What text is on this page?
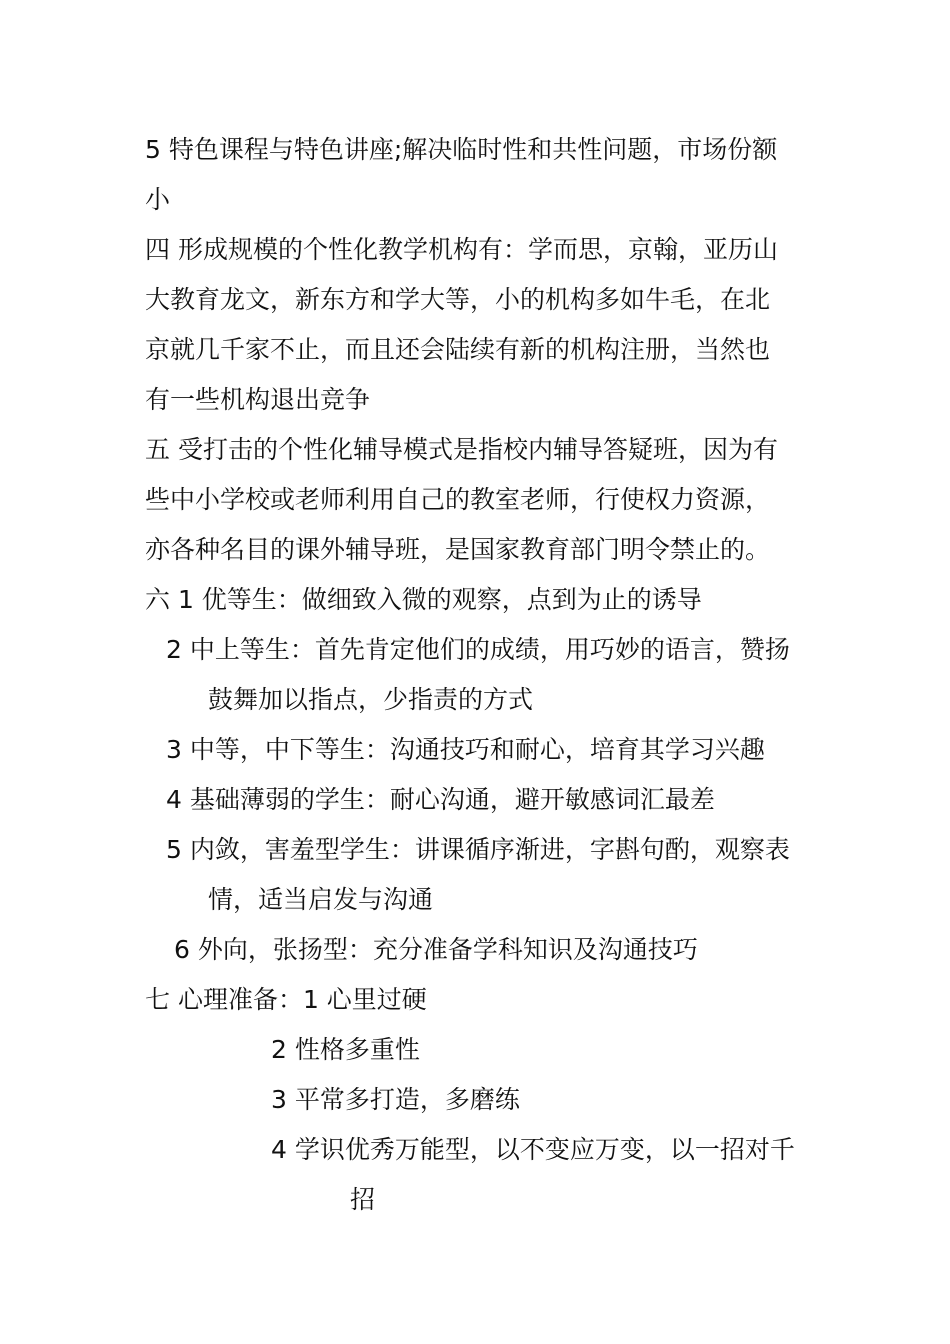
5 特色课程与特色讲座;解决临时性和共性问题，市场份额
小
四 形成规模的个性化教学机构有：学而思，京翰，亚历山
大教育龙文，新东方和学大等，小的机构多如牛毛，在北
京就几千家不止，而且还会陆续有新的机构注册，当然也
有一些机构退出竞争
五 受打击的个性化辅导模式是指校内辅导答疑班，因为有
些中小学校或老师利用自己的教室老师，行使权力资源，
亦各种名目的课外辅导班，是国家教育部门明令禁止的。
六 1 优等生：做细致入微的观察，点到为止的诱导
2 中上等生：首先肯定他们的成绩，用巧妙的语言，赞扬
鼓舞加以指点，少指责的方式
3 中等，中下等生：沟通技巧和耐心，培育其学习兴趣
4 基础薄弱的学生：耐心沟通，避开敏感词汇最差
5 内敛，害羞型学生：讲课循序渐进，字斟句酌，观察表
情，适当启发与沟通
6 外向，张扬型：充分准备学科知识及沟通技巧
七 心理准备：1 心里过硬
2 性格多重性
3 平常多打造，多磨练
4 学识优秀万能型，以不变应万变，以一招对千
招
